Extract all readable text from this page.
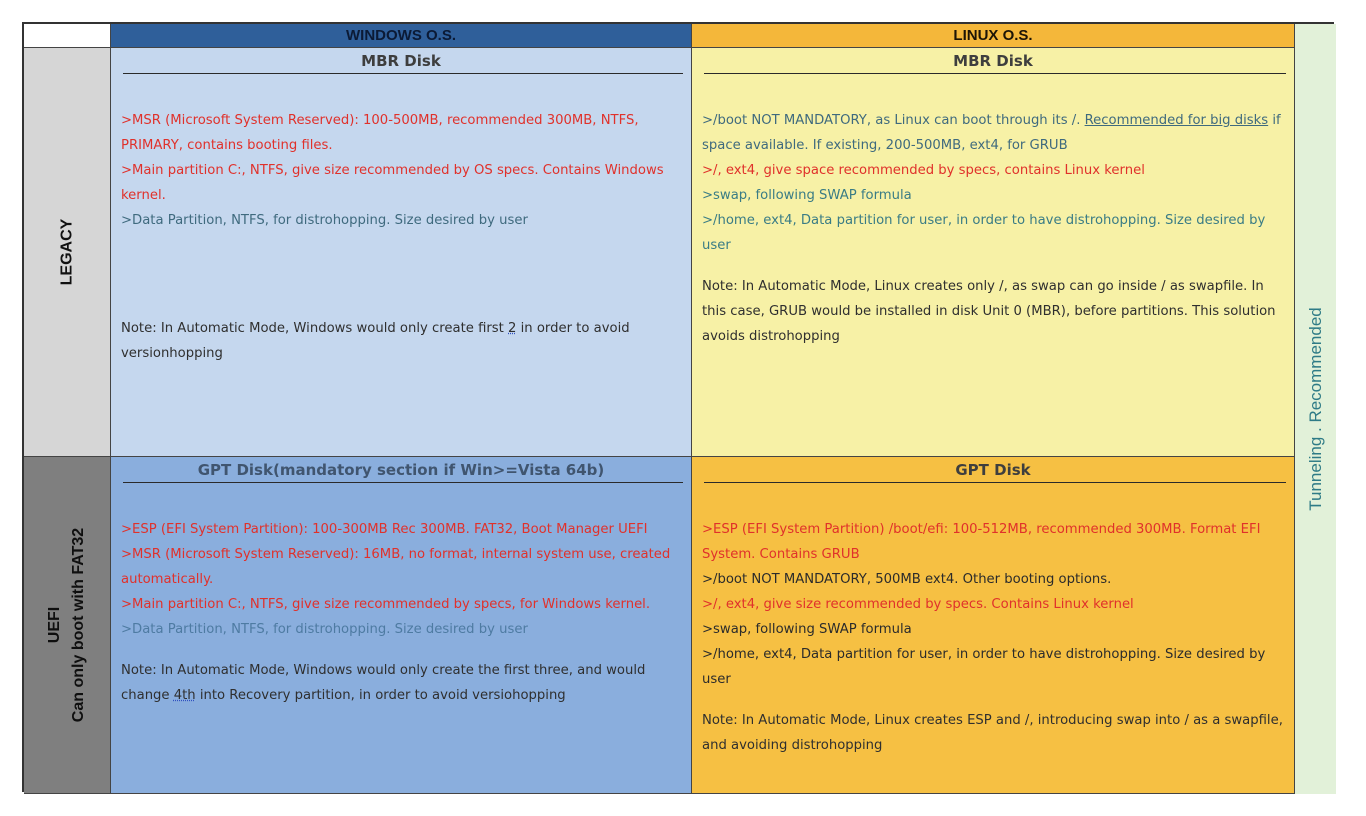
WINDOWS O.S.	LINUX O.S.
Tunneling . Recommended
LEGACY
MBR Disk

>MSR (Microsoft System Reserved): 100-500MB, recommended 300MB, NTFS, PRIMARY, contains booting files.

>Main partition C:, NTFS, give size recommended by OS specs. Contains Windows kernel.

>Data Partition, NTFS, for distrohopping. Size desired by user

Note: In Automatic Mode, Windows would only create first 2 in order to avoid versionhopping

MBR Disk

>/boot NOT MANDATORY, as Linux can boot through its /. Recommended for big disks if space available. If existing, 200-500MB, ext4, for GRUB

>/, ext4, give space recommended by specs, contains Linux kernel

>swap, following SWAP formula

>/home, ext4, Data partition for user, in order to have distrohopping. Size desired by user

Note: In Automatic Mode, Linux creates only /, as swap can go inside / as swapfile. In this case, GRUB would be installed in disk Unit 0 (MBR), before partitions. This solution avoids distrohopping

UEFI Can only boot with FAT32
GPT Disk(mandatory section if Win>=Vista 64b)

>ESP (EFI System Partition): 100-300MB Rec 300MB. FAT32, Boot Manager UEFI

>MSR (Microsoft System Reserved): 16MB, no format, internal system use, created automatically.

>Main partition C:, NTFS, give size recommended by specs, for Windows kernel.

>Data Partition, NTFS, for distrohopping. Size desired by user

Note: In Automatic Mode, Windows would only create the first three, and would change 4th into Recovery partition, in order to avoid versiohopping

GPT Disk

>ESP (EFI System Partition) /boot/efi: 100-512MB, recommended 300MB. Format EFI System. Contains GRUB

>/boot NOT MANDATORY, 500MB ext4. Other booting options.

>/, ext4, give size recommended by specs. Contains Linux kernel

>swap, following SWAP formula

>/home, ext4, Data partition for user, in order to have distrohopping. Size desired by user

Note: In Automatic Mode, Linux creates ESP and /, introducing swap into / as a swapfile, and avoiding distrohopping
